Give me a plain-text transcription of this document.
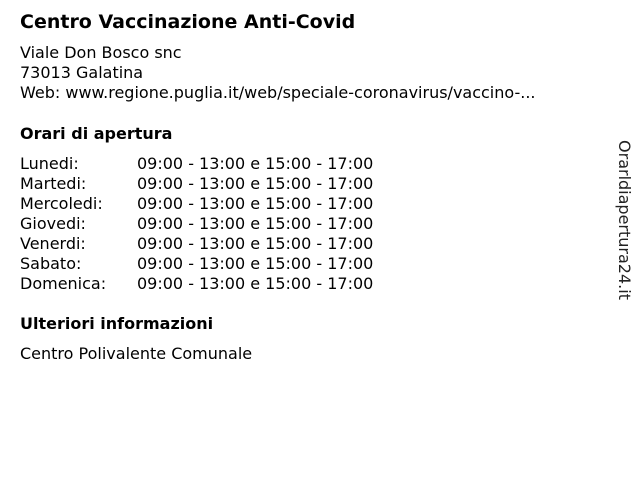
Centro Vaccinazione Anti-Covid
Viale Don Bosco snc
73013 Galatina
Web: www.regione.puglia.it/web/speciale-coronavirus/vaccino-...
Orari di apertura
Lunedi:	09:00 - 13:00 e 15:00 - 17:00
Martedi:	09:00 - 13:00 e 15:00 - 17:00
Mercoledi:	09:00 - 13:00 e 15:00 - 17:00
Giovedi:	09:00 - 13:00 e 15:00 - 17:00
Venerdi:	09:00 - 13:00 e 15:00 - 17:00
Sabato:	09:00 - 13:00 e 15:00 - 17:00
Domenica:	09:00 - 13:00 e 15:00 - 17:00
Ulteriori informazioni
Centro Polivalente Comunale
Orarldiapertura24.it
